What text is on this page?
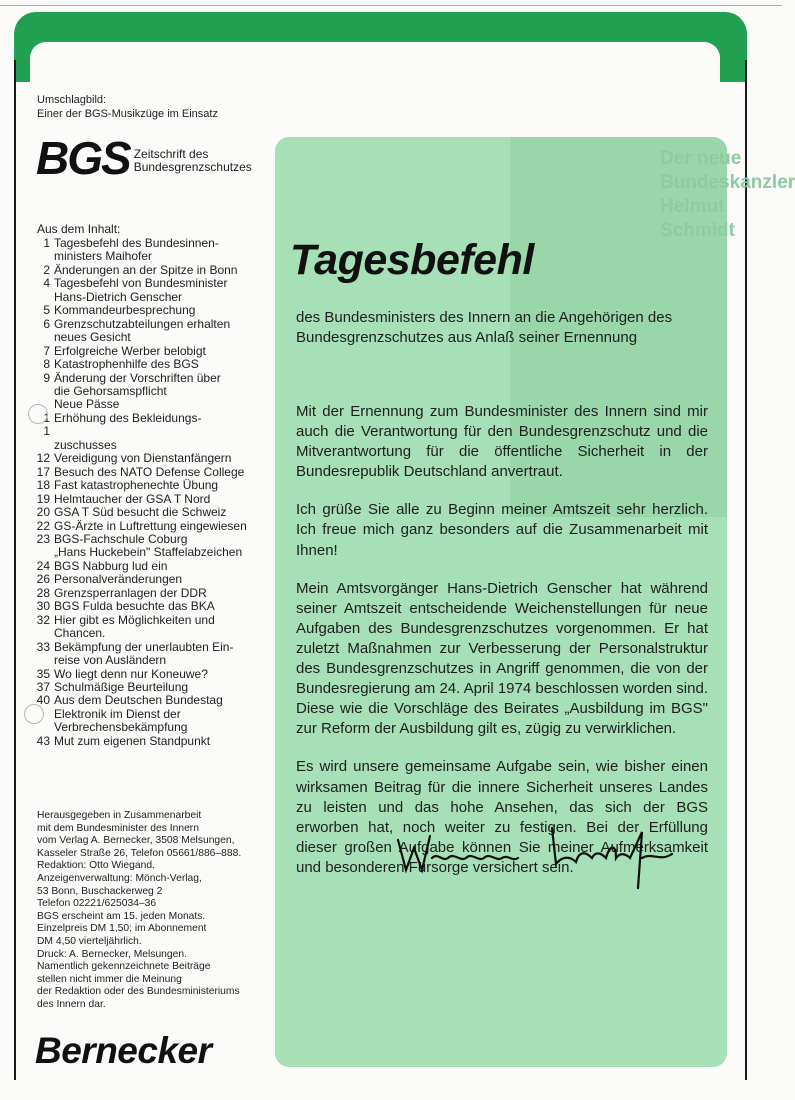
Umschlagbild:
Einer der BGS-Musikzüge im Einsatz
BGS Zeitschrift des
Bundesgrenzschutzes
Aus dem Inhalt:
1 Tagesbefehl des Bundesinnen-
ministers Maihofer
2 Änderungen an der Spitze in Bonn
4 Tagesbefehl von Bundesminister
Hans-Dietrich Genscher
5 Kommandeurbesprechung
6 Grenzschutzabteilungen erhalten
neues Gesicht
7 Erfolgreiche Werber belobigt
8 Katastrophenhilfe des BGS
9 Änderung der Vorschriften über
die Gehorsamspflicht
Neue Pässe
1 1
Erhöhung des Bekleidungs-
zuschusses
12 Vereidigung von Dienstanfängern
17 Besuch des NATO Defense College
18 Fast katastrophenechte Übung
19 Helmtaucher der GSA T Nord
20 GSA T Süd besucht die Schweiz
22 GS-Ärzte in Luftrettung eingewiesen
23 BGS-Fachschule Coburg
„Hans Huckebein" Staffelabzeichen
24 BGS Nabburg lud ein
26 Personalveränderungen
28 Grenzsperranlagen der DDR
30 BGS Fulda besuchte das BKA
32 Hier gibt es Möglichkeiten und
Chancen.
33 Bekämpfung der unerlaubten Ein-
reise von Ausländern
35 Wo liegt denn nur Koneuwe?
37 Schulmäßige Beurteilung
40 Aus dem Deutschen Bundestag
Elektronik im Dienst der
Verbrechensbekämpfung
43 Mut zum eigenen Standpunkt
Herausgegeben in Zusammenarbeit
mit dem Bundesminister des Innern
vom Verlag A. Bernecker, 3508 Melsungen,
Kasseler Straße 26, Telefon 05661/886–888.
Redaktion: Otto Wiegand.
Anzeigenverwaltung: Mönch-Verlag,
53 Bonn, Buschackerweg 2
Telefon 02221/625034–36
BGS erscheint am 15. jeden Monats.
Einzelpreis DM 1,50; im Abonnement
DM 4,50 vierteljährlich.
Druck: A. Bernecker, Melsungen.
Namentlich gekennzeichnete Beiträge
stellen nicht immer die Meinung
der Redaktion oder des Bundesministeriums
des Innern dar.
Bernecker
Der neue
Bundeskanzler
Helmut Schmidt
Tagesbefehl
des Bundesministers des Innern an die Angehörigen des Bundesgrenzschutzes aus Anlaß seiner Ernennung

Mit der Ernennung zum Bundesminister des Innern sind mir auch die Verantwortung für den Bundesgrenzschutz und die Mitverantwortung für die öffentliche Sicherheit in der Bundesrepublik Deutschland anvertraut.

Ich grüße Sie alle zu Beginn meiner Amtszeit sehr herzlich. Ich freue mich ganz besonders auf die Zusammenarbeit mit Ihnen!

Mein Amtsvorgänger Hans-Dietrich Genscher hat während seiner Amtszeit entscheidende Weichenstellungen für neue Aufgaben des Bundesgrenzschutzes vorgenommen. Er hat zuletzt Maßnahmen zur Verbesserung der Personalstruktur des Bundesgrenzschutzes in Angriff genommen, die von der Bundesregierung am 24. April 1974 beschlossen worden sind. Diese wie die Vorschläge des Beirates „Ausbildung im BGS" zur Reform der Ausbildung gilt es, zügig zu verwirklichen.

Es wird unsere gemeinsame Aufgabe sein, wie bisher einen wirksamen Beitrag für die innere Sicherheit unseres Landes zu leisten und das hohe Ansehen, das sich der BGS erworben hat, noch weiter zu festigen. Bei der Erfüllung dieser großen Aufgabe können Sie meiner Aufmerksamkeit und besonderen Fürsorge versichert sein.
